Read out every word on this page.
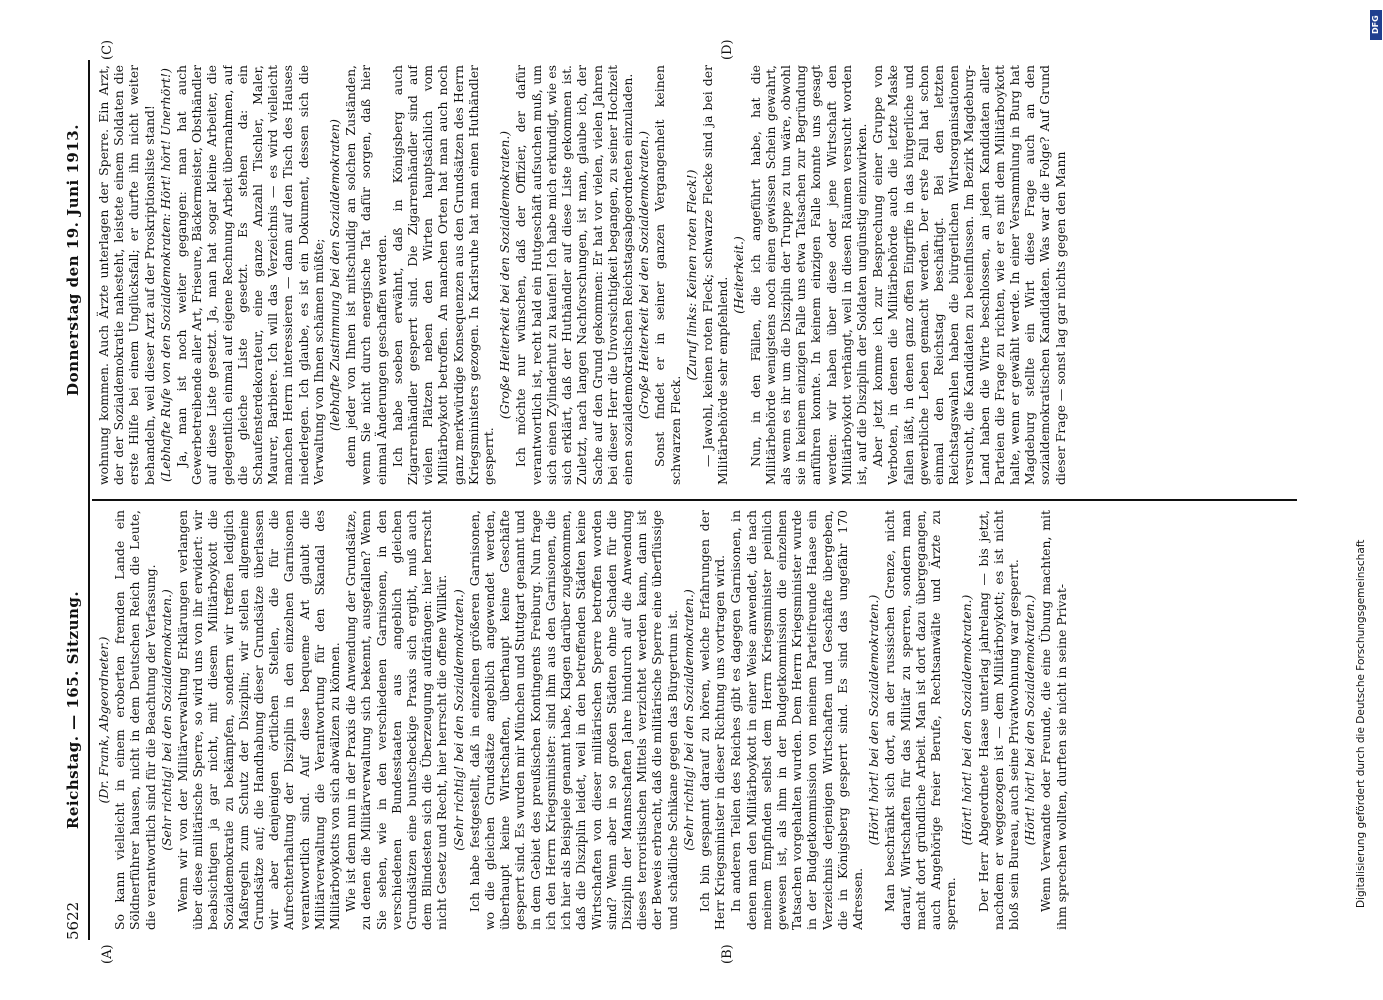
5622
Reichstag. — 165. Sitzung.
Donnerstag den 19. Juni 1913.
(A)	(B)
(C)	(D)

(Dr. Frank, Abgeordneter.) So kann vielleicht in einem eroberten fremden Lande ein Söldnerführer hausen, nicht in dem Deutschen Reich die Leute, die verantwortlich sind für die Beachtung der Verfassung. (Sehr richtig! bei den Sozialdemokraten.) Wenn wir von der Militärverwaltung Erklärungen verlangen über diese militärische Sperre, so wird uns von ihr erwidert: wir beabsichtigen ja gar nicht, mit diesem Militärboykott die Sozialdemokratie zu bekämpfen, sondern wir treffen lediglich Maßregeln zum Schutz der Disziplin; wir stellen allgemeine Grundsätze auf; die Handhabung dieser Grundsätze überlassen wir aber denjenigen örtlichen Stellen, die für die Aufrechterhaltung der Disziplin in den einzelnen Garnisonen verantwortlich sind. Auf diese bequeme Art glaubt die Militärverwaltung die Verantwortung für den Skandal des Militärboykotts von sich abwälzen zu können. Wie ist denn nun in der Praxis die Anwendung der Grundsätze, zu denen die Militärverwaltung sich bekennt, ausgefallen? Wenn Sie sehen, wie in den verschiedenen Garnisonen, in den verschiedenen Bundesstaaten aus angeblich gleichen Grundsätzen eine buntscheckige Praxis sich ergibt, muß auch dem Blindesten sich die Überzeugung aufdrängen: hier herrscht nicht Gesetz und Recht, hier herrscht die offene Willkür. (Sehr richtig! bei den Sozialdemokraten.) Ich habe festgestellt, daß in einzelnen größeren Garnisonen, wo die gleichen Grundsätze angeblich angewendet werden, überhaupt keine Wirtschaften, überhaupt keine Geschäfte gesperrt sind. Es wurden mir München und Stuttgart genannt und in dem Gebiet des preußischen Kontingents Freiburg. Nun frage ich den Herrn Kriegsminister: sind ihm aus den Garnisonen, die ich hier als Beispiele genannt habe, Klagen darüber zugekommen, daß die Disziplin leidet, weil in den betreffenden Städten keine Wirtschaften von dieser militärischen Sperre betroffen worden sind? Wenn aber in so großen Städten ohne Schaden für die Disziplin der Mannschaften Jahre hindurch auf die Anwendung dieses terroristischen Mittels verzichtet werden kann, dann ist der Beweis erbracht, daß die militärische Sperre eine überflüssige und schädliche Schikane gegen das Bürgertum ist. (Sehr richtig! bei den Sozialdemokraten.) Ich bin gespannt darauf zu hören, welche Erfahrungen der Herr Kriegsminister in dieser Richtung uns vortragen wird. In anderen Teilen des Reiches gibt es dagegen Garnisonen, in denen man den Militärboykott in einer Weise anwendet, die nach meinem Empfinden selbst dem Herrn Kriegsminister peinlich gewesen ist, als ihm in der Budgetkommission die einzelnen Tatsachen vorgehalten wurden. Dem Herrn Kriegsminister wurde in der Budgetkommission von meinem Parteifreunde Haase ein Verzeichnis derjenigen Wirtschaften und Geschäfte übergeben, die in Königsberg gesperrt sind. Es sind das ungefähr 170 Adressen.

(Hört! hört! bei den Sozialdemokraten.) Man beschränkt sich dort, an der russischen Grenze, nicht darauf, Wirtschaften für das Militär zu sperren, sondern man macht dort gründliche Arbeit. Man ist dort dazu übergegangen, auch Angehörige freier Berufe, Rechtsanwälte und Ärzte zu sperren.

(Hört! hört! bei den Sozialdemokraten.) Der Herr Abgeordnete Haase unterlag jahrelang — bis jetzt, nachdem er weggezogen ist — dem Militärboykott; es ist nicht bloß sein Bureau, auch seine Privatwohnung war gesperrt. (Hört! hört! bei den Sozialdemokraten.) Wenn Verwandte oder Freunde, die eine Übung machten, mit ihm sprechen wollten, durften sie nicht in seine Privat-

wohnung kommen. Auch Ärzte unterlagen der Sperre. Ein Arzt, der der Sozialdemokratie nahesteht, leistete einem Soldaten die erste Hilfe bei einem Unglücksfall; er durfte ihn nicht weiter behandeln, weil dieser Arzt auf der Proskriptionsliste stand! (Lebhafte Rufe von den Sozialdemokraten: Hört! hört! Unerhört!) Ja, man ist noch weiter gegangen: man hat auch Gewerbetreibende aller Art, Friseure, Bäckermeister, Obsthändler auf diese Liste gesetzt. Ja, man hat sogar kleine Arbeiter, die gelegentlich einmal auf eigene Rechnung Arbeit übernahmen, auf die gleiche Liste gesetzt. Es stehen da: ein Schaufensterdekorateur, eine ganze Anzahl Tischler, Maler, Maurer, Barbiere. Ich will das Verzeichnis — es wird vielleicht manchen Herrn interessieren — dann auf den Tisch des Hauses niederlegen. Ich glaube, es ist ein Dokument, dessen sich die Verwaltung von Ihnen schämen müßte; (lebhafte Zustimmung bei den Sozialdemokraten) denn jeder von Ihnen ist mitschuldig an solchen Zuständen, wenn Sie nicht durch energische Tat dafür sorgen, daß hier einmal Änderungen geschaffen werden. Ich habe soeben erwähnt, daß in Königsberg auch Zigarrenhändler gesperrt sind. Die Zigarrenhändler sind auf vielen Plätzen neben den Wirten hauptsächlich vom Militärboykott betroffen. An manchen Orten hat man auch noch ganz merkwürdige Konsequenzen aus den Grundsätzen des Herrn Kriegsministers gezogen. In Karlsruhe hat man einen Huthändler gesperrt.

(Große Heiterkeit bei den Sozialdemokraten.) Ich möchte nur wünschen, daß der Offizier, der dafür verantwortlich ist, recht bald ein Hutgeschäft aufsuchen muß, um sich einen Zylinderhut zu kaufen! Ich habe mich erkundigt, wie es sich erklärt, daß der Huthändler auf diese Liste gekommen ist. Zuletzt, nach langen Nachforschungen, ist man, glaube ich, der Sache auf den Grund gekommen: Er hat vor vielen, vielen Jahren bei dieser Herr die Unvorsichtigkeit begangen, zu seiner Hochzeit einen sozialdemokratischen Reichstagsabgeordneten einzuladen. (Große Heiterkeit bei den Sozialdemokraten.) Sonst findet er in seiner ganzen Vergangenheit keinen schwarzen Fleck.

(Zuruf links: Keinen roten Fleck!) — Jawohl, keinen roten Fleck; schwarze Flecke sind ja bei der Militärbehörde sehr empfehlend.

(Heiterkeit.) Nun, in den Fällen, die ich angeführt habe, hat die Militärbehörde wenigstens noch einen gewissen Schein gewahrt, als wenn es ihr um die Disziplin der Truppe zu tun wäre, obwohl sie in keinem einzigen Falle uns etwa Tatsachen zur Begründung anführen konnte. In keinem einzigen Falle konnte uns gesagt werden: wir haben über diese oder jene Wirtschaft den Militärboykott verhängt, weil in diesen Räumen versucht worden ist, auf die Disziplin der Soldaten ungünstig einzuwirken. Aber jetzt komme ich zur Besprechung einer Gruppe von Verboten, in denen die Militärbehörde auch die letzte Maske fallen läßt, in denen ganz offen Eingriffe in das bürgerliche und gewerbliche Leben gemacht werden. Der erste Fall hat schon einmal den Reichstag beschäftigt. Bei den letzten Reichstagswahlen haben die bürgerlichen Wirtsorganisationen versucht, die Kandidaten zu beeinflussen. Im Bezirk Magdeburg-Land haben die Wirte beschlossen, an jeden Kandidaten aller Parteien die Frage zu richten, wie er es mit dem Militärboykott halte, wenn er gewählt werde. In einer Versammlung in Burg hat Magdeburg stellte ein Wirt diese Frage auch an den sozialdemokratischen Kandidaten. Was war die Folge? Auf Grund dieser Frage — sonst lag gar nichts gegen den Mann

Digitalisierung gefördert durch die Deutsche Forschungsgemeinschaft
DFG
